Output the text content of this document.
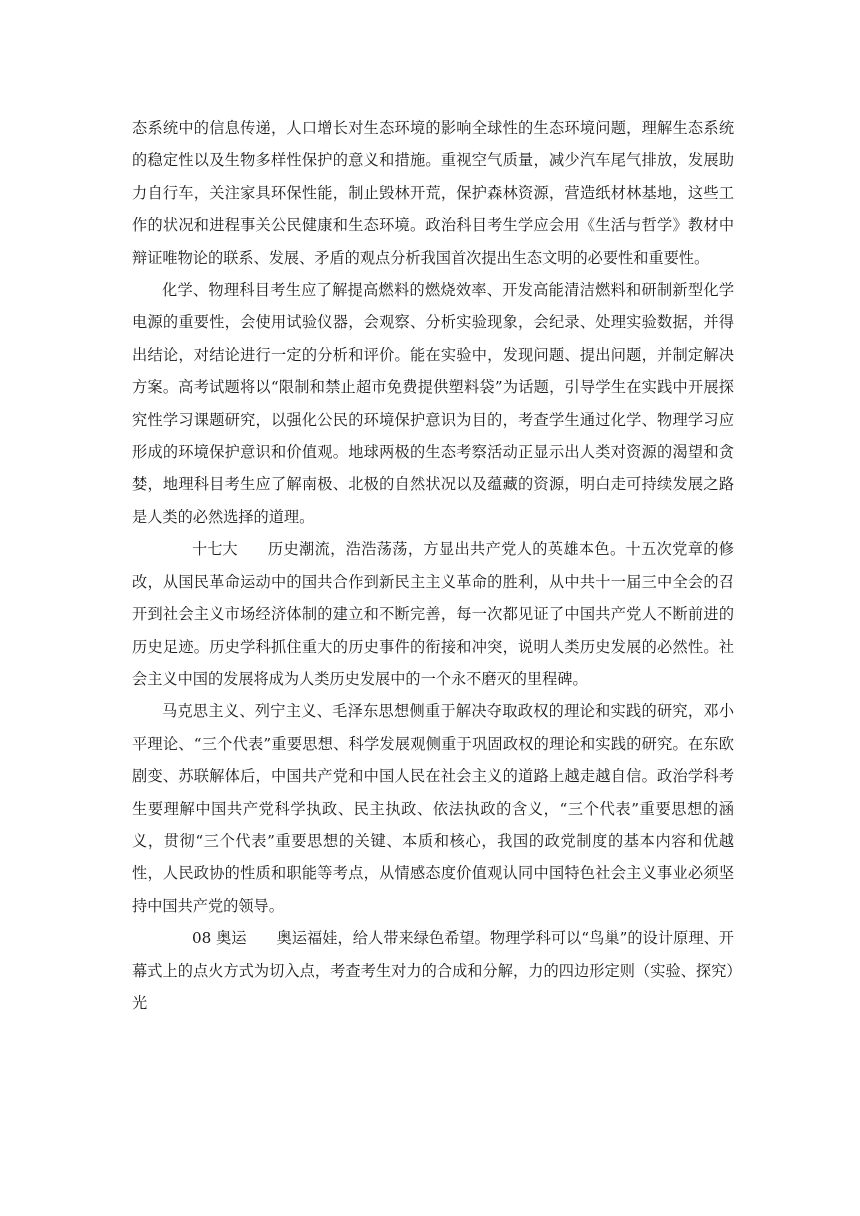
态系统中的信息传递，人口增长对生态环境的影响全球性的生态环境问题，理解生态系统的稳定性以及生物多样性保护的意义和措施。重视空气质量，减少汽车尾气排放，发展助力自行车，关注家具环保性能，制止毁林开荒，保护森林资源，营造纸材林基地，这些工作的状况和进程事关公民健康和生态环境。政治科目考生学应会用《生活与哲学》教材中辩证唯物论的联系、发展、矛盾的观点分析我国首次提出生态文明的必要性和重要性。

化学、物理科目考生应了解提高燃料的燃烧效率、开发高能清洁燃料和研制新型化学电源的重要性，会使用试验仪器，会观察、分析实验现象，会纪录、处理实验数据，并得出结论，对结论进行一定的分析和评价。能在实验中，发现问题、提出问题，并制定解决方案。高考试题将以“限制和禁止超市免费提供塑料袋”为话题，引导学生在实践中开展探究性学习课题研究，以强化公民的环境保护意识为目的，考查学生通过化学、物理学习应形成的环境保护意识和价值观。地球两极的生态考察活动正显示出人类对资源的渴望和贪婪，地理科目考生应了解南极、北极的自然状况以及蕴藏的资源，明白走可持续发展之路是人类的必然选择的道理。

十七大 历史潮流，浩浩荡荡，方显出共产党人的英雄本色。十五次党章的修改，从国民革命运动中的国共合作到新民主主义革命的胜利，从中共十一届三中全会的召开到社会主义市场经济体制的建立和不断完善，每一次都见证了中国共产党人不断前进的历史足迹。历史学科抓住重大的历史事件的衔接和冲突，说明人类历史发展的必然性。社会主义中国的发展将成为人类历史发展中的一个永不磨灭的里程碑。

马克思主义、列宁主义、毛泽东思想侧重于解决夺取政权的理论和实践的研究，邓小平理论、“三个代表”重要思想、科学发展观侧重于巩固政权的理论和实践的研究。在东欧剧变、苏联解体后，中国共产党和中国人民在社会主义的道路上越走越自信。政治学科考生要理解中国共产党科学执政、民主执政、依法执政的含义，“三个代表”重要思想的涵义，贯彻“三个代表”重要思想的关键、本质和核心，我国的政党制度的基本内容和优越性，人民政协的性质和职能等考点，从情感态度价值观认同中国特色社会主义事业必须坚持中国共产党的领导。

08 奥运 奥运福娃，给人带来绿色希望。物理学科可以“鸟巢”的设计原理、开幕式上的点火方式为切入点，考查考生对力的合成和分解，力的四边形定则（实验、探究）光
